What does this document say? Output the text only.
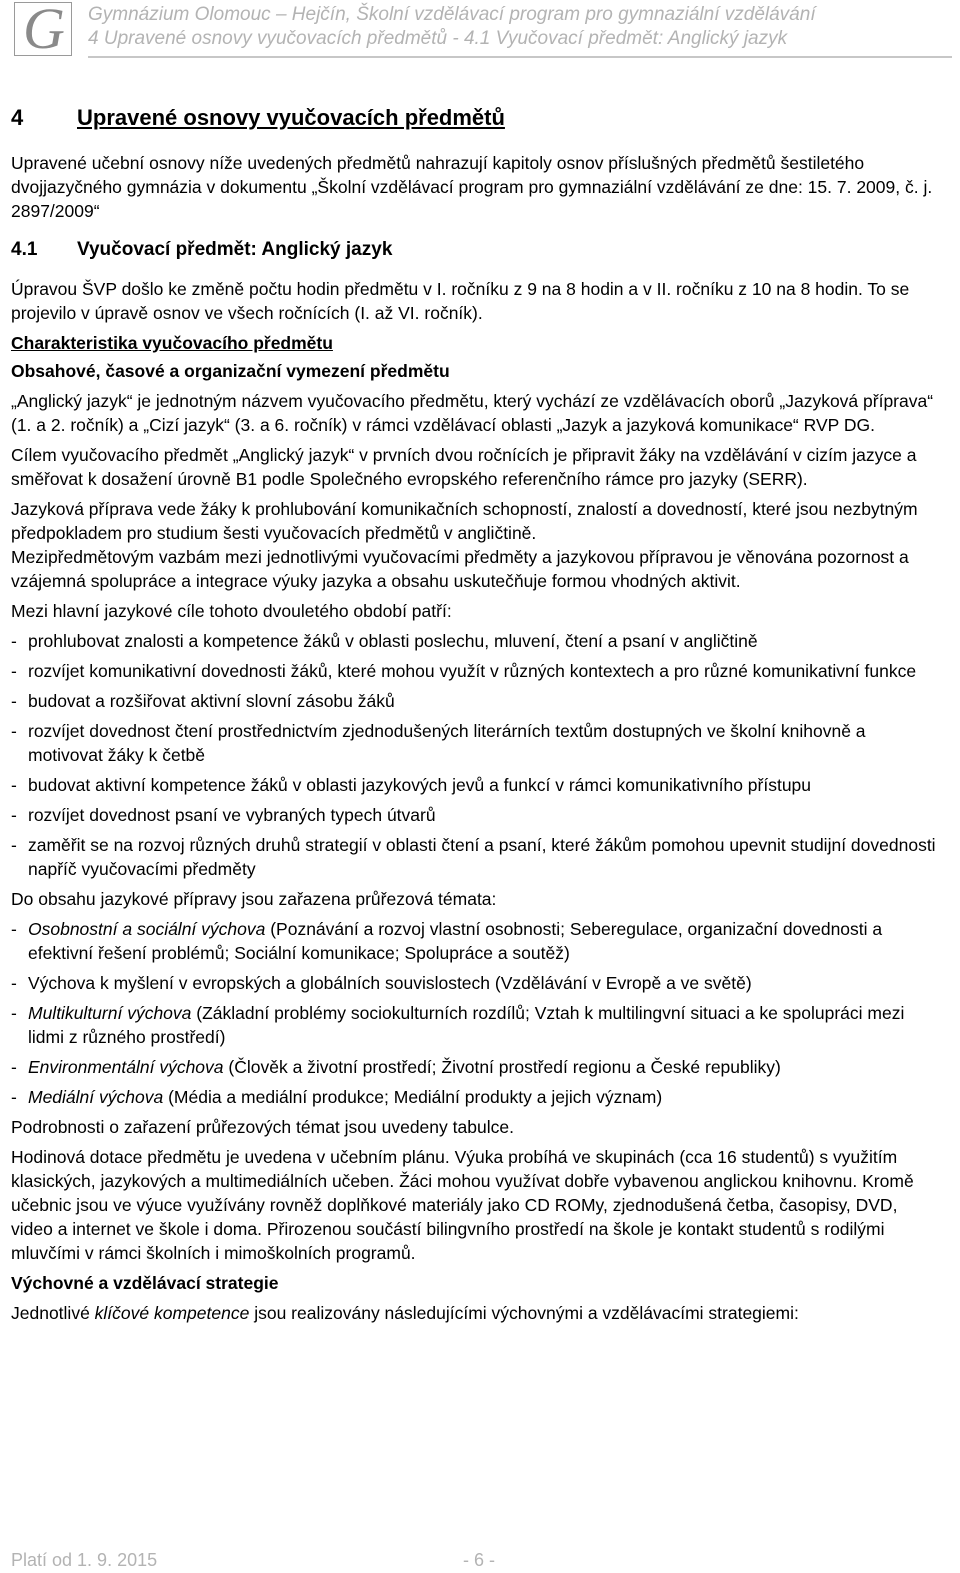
G	Gymnázium Olomouc – Hejčín, Školní vzdělávací program pro gymnaziální vzdělávání
4 Upravené osnovy vyučovacích předmětů - 4.1 Vyučovací předmět: Anglický jazyk
4	Upravené osnovy vyučovacích předmětů

Upravené učební osnovy níže uvedených předmětů nahrazují kapitoly osnov příslušných předmětů šestiletého dvojjazyčného gymnázia v dokumentu „Školní vzdělávací program pro gymnaziální vzdělávání ze dne: 15. 7. 2009, č. j. 2897/2009“

4.1	Vyučovací předmět: Anglický jazyk

Úpravou ŠVP došlo ke změně počtu hodin předmětu v I. ročníku z 9 na 8 hodin a v II. ročníku z 10 na 8 hodin. To se projevilo v úpravě osnov ve všech ročnících (I. až VI. ročník).

Charakteristika vyučovacího předmětu

Obsahové, časové a organizační vymezení předmětu

„Anglický jazyk“ je jednotným názvem vyučovacího předmětu, který vychází ze vzdělávacích oborů „Jazyková příprava“ (1. a 2. ročník) a „Cizí jazyk“ (3. a 6. ročník) v rámci vzdělávací oblasti „Jazyk a jazyková komunikace“ RVP DG.

Cílem vyučovacího předmět „Anglický jazyk“ v prvních dvou ročnících je připravit žáky na vzdělávání v cizím jazyce a směřovat k dosažení úrovně B1 podle Společného evropského referenčního rámce pro jazyky (SERR).

Jazyková příprava vede žáky k prohlubování komunikačních schopností, znalostí a dovedností, které jsou nezbytným předpokladem pro studium šesti vyučovacích předmětů v angličtině.

Mezipředmětovým vazbám mezi jednotlivými vyučovacími předměty a jazykovou přípravou je věnována pozornost a vzájemná spolupráce a integrace výuky jazyka a obsahu uskutečňuje formou vhodných aktivit.

Mezi hlavní jazykové cíle tohoto dvouletého období patří:

- prohlubovat znalosti a kompetence žáků v oblasti poslechu, mluvení, čtení a psaní v angličtině
- rozvíjet komunikativní dovednosti žáků, které mohou využít v různých kontextech a pro různé komunikativní funkce
- budovat a rozšiřovat aktivní slovní zásobu žáků
- rozvíjet dovednost čtení prostřednictvím zjednodušených literárních textům dostupných ve školní knihovně a motivovat žáky k četbě
- budovat aktivní kompetence žáků v oblasti jazykových jevů a funkcí v rámci komunikativního přístupu
- rozvíjet dovednost psaní ve vybraných typech útvarů
- zaměřit se na rozvoj různých druhů strategií v oblasti čtení a psaní, které žákům pomohou upevnit studijní dovednosti napříč vyučovacími předměty

Do obsahu jazykové přípravy jsou zařazena průřezová témata:

- Osobnostní a sociální výchova (Poznávání a rozvoj vlastní osobnosti; Seberegulace, organizační dovednosti a efektivní řešení problémů; Sociální komunikace; Spolupráce a soutěž)
- Výchova k myšlení v evropských a globálních souvislostech (Vzdělávání v Evropě a ve světě)
- Multikulturní výchova (Základní problémy sociokulturních rozdílů; Vztah k multilingvní situaci a ke spolupráci mezi lidmi z různého prostředí)
- Environmentální výchova (Člověk a životní prostředí; Životní prostředí regionu a České republiky)
- Mediální výchova (Média a mediální produkce; Mediální produkty a jejich význam)

Podrobnosti o zařazení průřezových témat jsou uvedeny tabulce.

Hodinová dotace předmětu je uvedena v učebním plánu. Výuka probíhá ve skupinách (cca 16 studentů) s využitím klasických, jazykových a multimediálních učeben. Žáci mohou využívat dobře vybavenou anglickou knihovnu. Kromě učebnic jsou ve výuce využívány rovněž doplňkové materiály jako CD ROMy, zjednodušená četba, časopisy, DVD, video a internet ve škole i doma. Přirozenou součástí bilingvního prostředí na škole je kontakt studentů s rodilými mluvčími v rámci školních i mimoškolních programů.

Výchovné a vzdělávací strategie

Jednotlivé klíčové kompetence jsou realizovány následujícími výchovnými a vzdělávacími strategiemi:

Platí od 1. 9. 2015	- 6 -
